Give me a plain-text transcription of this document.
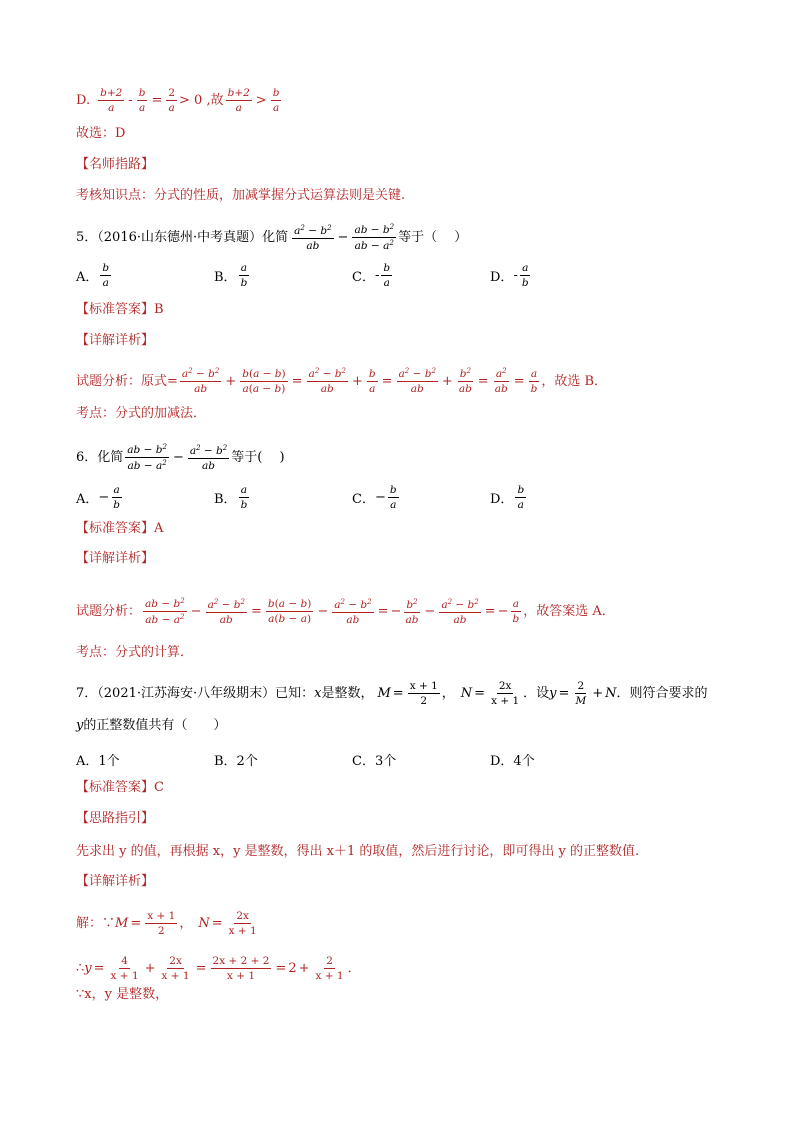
D. $\frac{b+2}{a} - \frac{b}{a} = \frac{2}{a} > 0$ ,故 $\frac{b+2}{a} > \frac{b}{a}$
故选：D
【名师指路】
考核知识点：分式的性质，加减掌握分式运算法则是关键.
5．（2016·山东德州·中考真题）化简 $\frac{a^2 - b^2}{ab} - \frac{ab - b^2}{ab - a^2}$ 等于（　 ）
A． $\frac{b}{a}$	B． $\frac{a}{b}$	C． - $\frac{b}{a}$	D． - $\frac{a}{b}$
【标准答案】 B
【详解详析】
试题分析：原式= $\frac{a^2 - b^2}{ab} + \frac{b(a - b)}{a(a - b)} = \frac{a^2 - b^2}{ab} + \frac{b}{a} = \frac{a^2 - b^2}{ab} + \frac{b^2}{ab} = \frac{a^2}{ab} = \frac{a}{b}$ ，故选 B．
考点：分式的加减法．
6．化简 $\frac{ab - b^2}{ab - a^2} - \frac{a^2 - b^2}{ab}$ 等于(　 )
A． − $\frac{a}{b}$	B． $\frac{a}{b}$	C． − $\frac{b}{a}$	D． $\frac{b}{a}$
【标准答案】 A
【详解详析】
试题分析： $\frac{ab - b^2}{ab - a^2} - \frac{a^2 - b^2}{ab} = \frac{b(a - b)}{a(b - a)} - \frac{a^2 - b^2}{ab}$ = − $\frac{b^2}{ab} - \frac{a^2 - b^2}{ab}$ = − $\frac{a}{b}$ ，故答案选 A．
考点：分式的计算．
7．（2021·江苏海安·八年级期末）已知： x 是整数， $M = \frac{x + 1}{2}$ ， $N = \frac{2x}{x + 1}$ ．设 $y = \frac{2}{M} + N$ ．则符合要求的
y 的正整数值共有（　　）
A．1个	B．2个	C．3个	D．4个
【标准答案】 C
【思路指引】
先求出 y 的值，再根据 x，y 是整数，得出 x＋1 的取值，然后进行讨论，即可得出 y 的正整数值.
【详解详析】
解：∵ $M = \frac{x + 1}{2}$ ， $N = \frac{2x}{x + 1}$
∴ $y = \frac{4}{x + 1} + \frac{2x}{x + 1} = \frac{2x + 2 + 2}{x + 1} = 2 + \frac{2}{x + 1}$ ．
∵x，y 是整数，
